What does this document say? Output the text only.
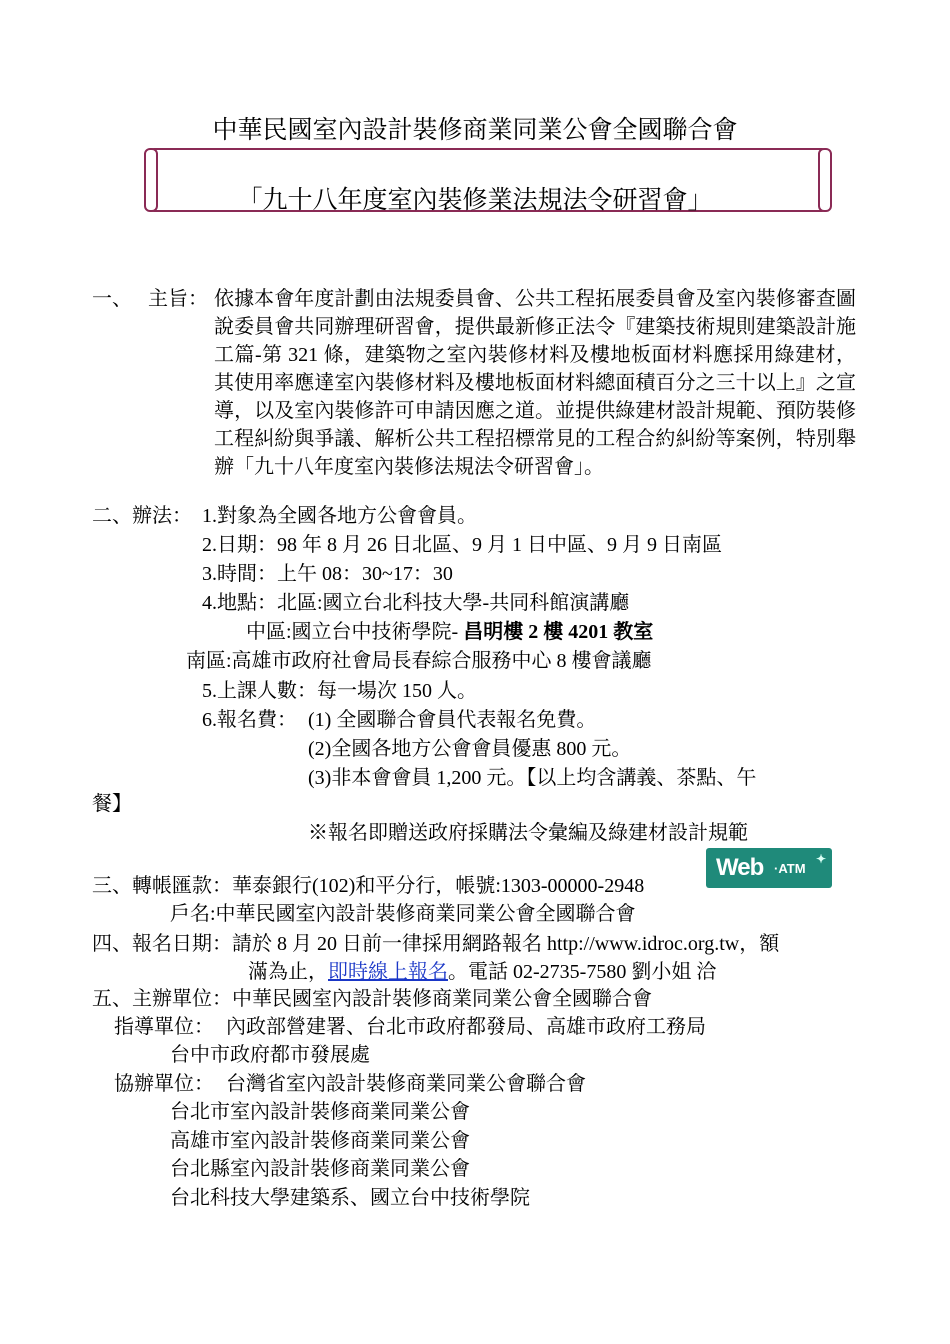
中華民國室內設計裝修商業同業公會全國聯合會
「九十八年度室內裝修業法規法令研習會」
一、 主旨： 依據本會年度計劃由法規委員會、公共工程拓展委員會及室內裝修審查圖說委員會共同辦理研習會，提供最新修正法令『建築技術規則建築設計施工篇-第 321 條，建築物之室內裝修材料及樓地板面材料應採用綠建材，其使用率應達室內裝修材料及樓地板面材料總面積百分之三十以上』之宣導，以及室內裝修許可申請因應之道。並提供綠建材設計規範、預防裝修工程糾紛與爭議、解析公共工程招標常見的工程合約糾紛等案例，特別舉辦「九十八年度室內裝修法規法令研習會」。
二、辦法： 1.對象為全國各地方公會會員。
2.日期：98 年 8 月 26 日北區、9 月 1 日中區、9 月 9 日南區
3.時間：上午 08：30~17：30
4.地點：北區:國立台北科技大學-共同科館演講廳
中區:國立台中技術學院- 昌明樓 2 樓 4201 教室
南區:高雄市政府社會局長春綜合服務中心 8 樓會議廳
5.上課人數：每一場次 150 人。
6.報名費： (1) 全國聯合會員代表報名免費。
(2)全國各地方公會會員優惠 800 元。
(3)非本會會員 1,200 元。【以上均含講義、茶點、午
餐】
※報名即贈送政府採購法令彙編及綠建材設計規範
三、轉帳匯款：華泰銀行(102)和平分行，帳號:1303-00000-2948
Web ·ATM
✦
戶名:中華民國室內設計裝修商業同業公會全國聯合會
四、報名日期：請於 8 月 20 日前一律採用網路報名 http://www.idroc.org.tw，額
滿為止，即時線上報名。電話 02-2735-7580 劉小姐 洽
五、主辦單位：中華民國室內設計裝修商業同業公會全國聯合會
指導單位： 內政部營建署、台北市政府都發局、高雄市政府工務局
台中市政府都市發展處
協辦單位： 台灣省室內設計裝修商業同業公會聯合會
台北市室內設計裝修商業同業公會
高雄市室內設計裝修商業同業公會
台北縣室內設計裝修商業同業公會
台北科技大學建築系、國立台中技術學院
